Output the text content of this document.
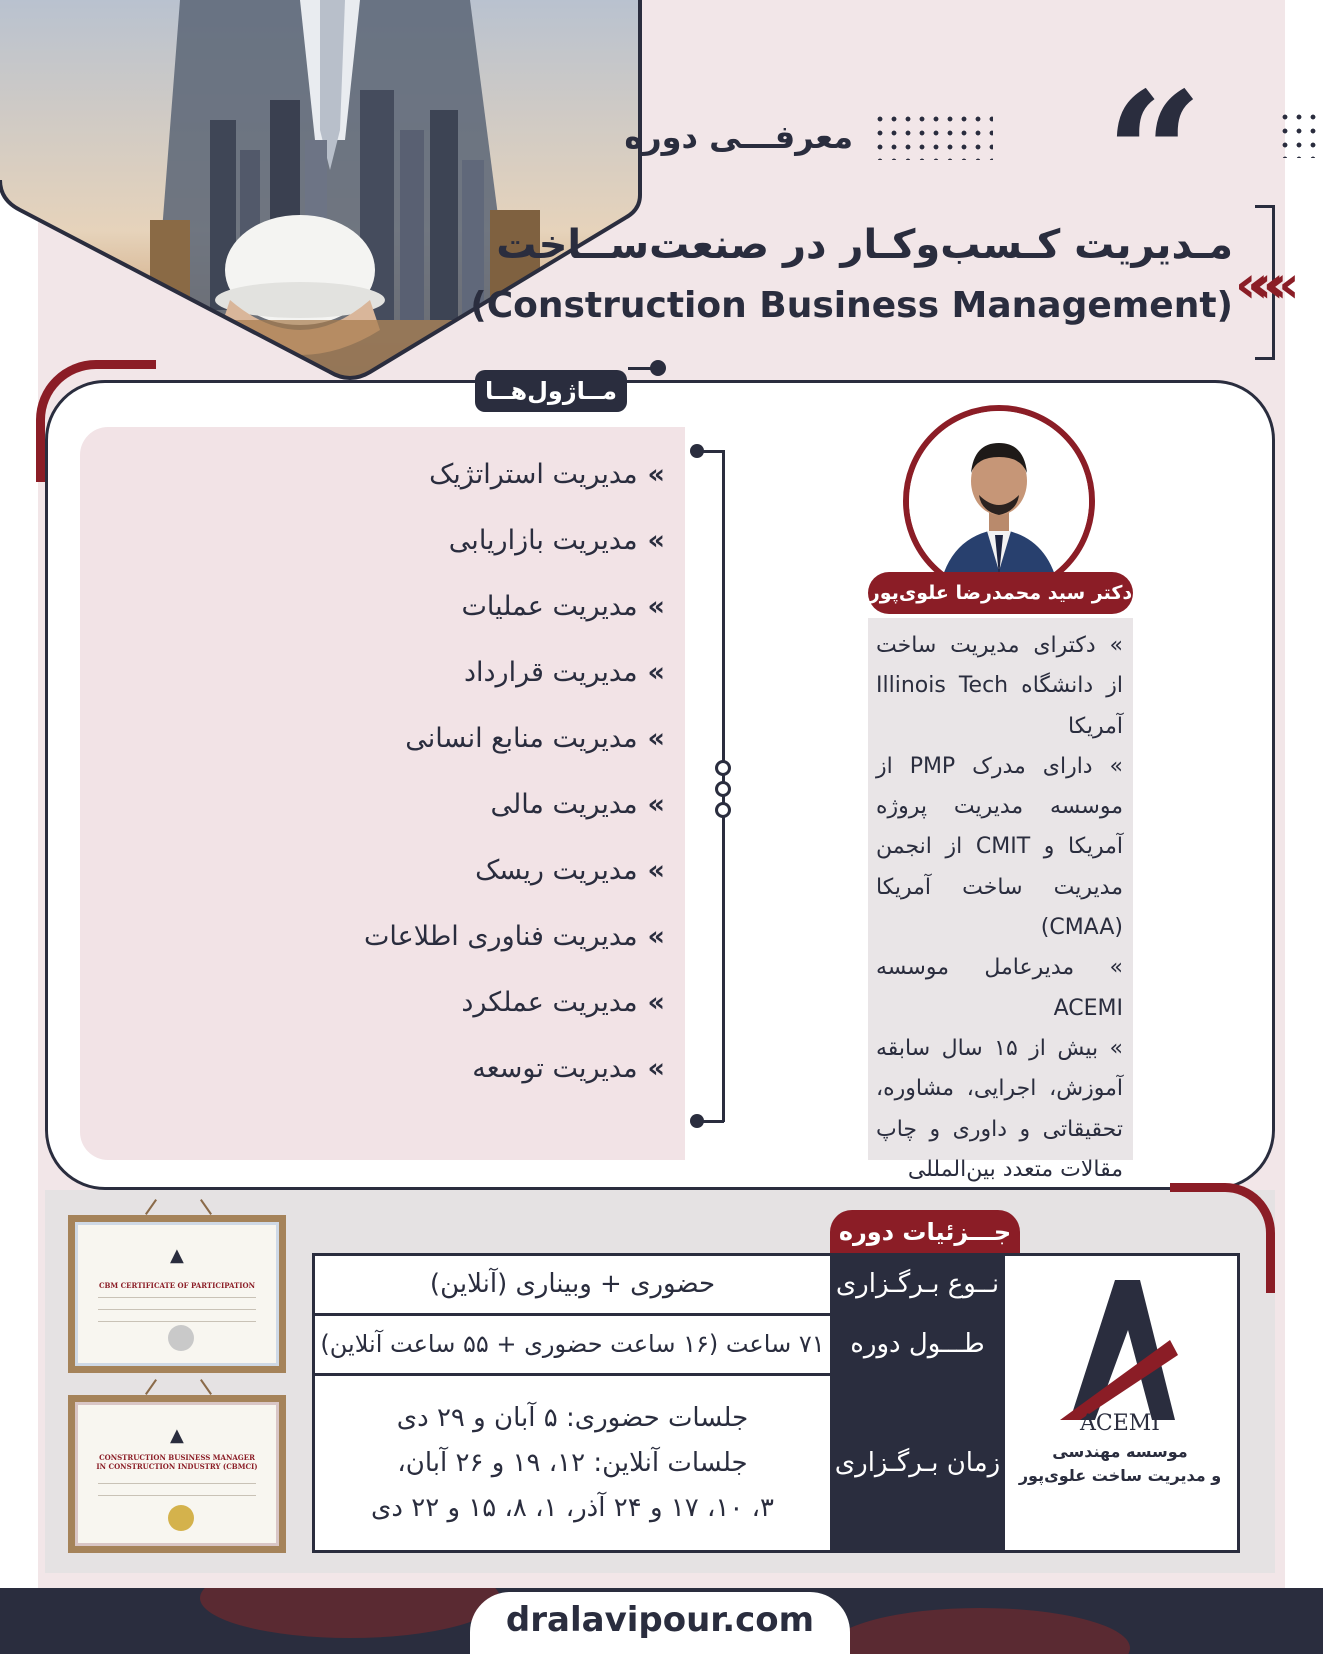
معرفـــی دوره “
«««
مـدیریت کـسب‌وکـار در صنعت‌ســاخت
(Construction Business Management)
مــاژول‌هــا
»مدیریت استراتژیک
»مدیریت بازاریابی
»مدیریت عملیات
»مدیریت قرارداد
»مدیریت منابع انسانی
»مدیریت مالی
»مدیریت ریسک
»مدیریت فناوری اطلاعات
»مدیریت عملکرد
»مدیریت توسعه
دکتر سید محمدرضا علوی‌پور

» دکترای مدیریت ساخت از دانشگاه Illinois Tech آمریکا

» دارای مدرک PMP از موسسه مدیریت پروژه آمریکا و CMIT از انجمن مدیریت ساخت آمریکا (CMAA)

» مدیرعامل موسسه ACEMI

» بیش از ۱۵ سال سابقه آموزش، اجرایی، مشاوره، تحقیقاتی و داوری و چاپ مقالات متعدد بین‌المللی

جـــزئیات دوره
حضوری + وبیناری (آنلاین)	نــوع بـرگـزاری
۷۱ ساعت (۱۶ ساعت حضوری + ۵۵ ساعت آنلاین) طـــول دوره
جلسات حضوری: ۵ آبان و ۲۹ دی
جلسات آنلاین: ۱۲، ۱۹ و ۲۶ آبان،
۳، ۱۰، ۱۷ و ۲۴ آذر، ۱، ۸، ۱۵ و ۲۲ دی
زمان بـرگـزاری
ACEMI
موسسه مهندسی
و مدیریت ساخت علوی‌پور
▲
CBM CERTIFICATE OF PARTICIPATION
▲
CONSTRUCTION BUSINESS MANAGER IN CONSTRUCTION INDUSTRY (CBMCI)
dralavipour.com
